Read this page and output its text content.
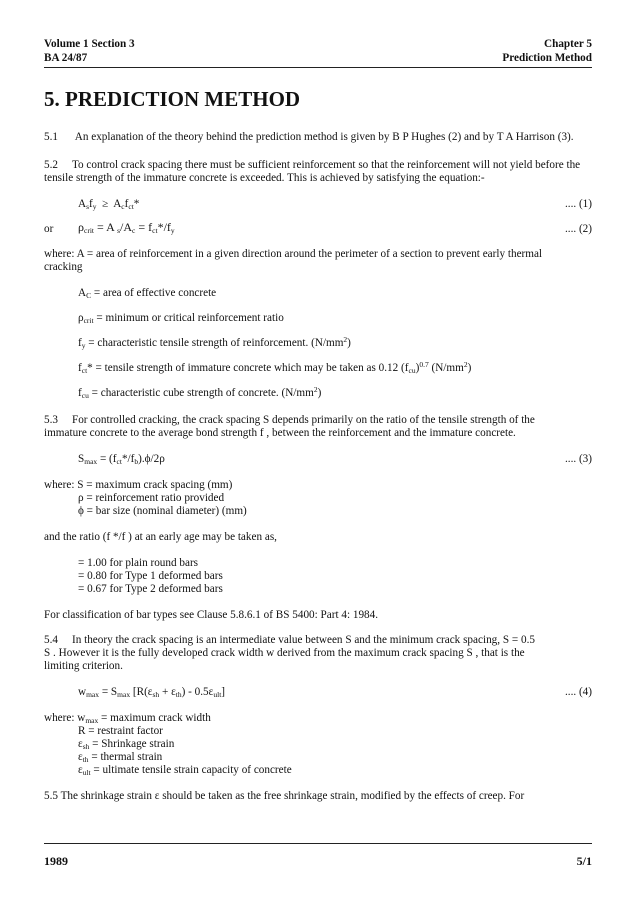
Volume 1 Section 3
BA 24/87
Chapter 5
Prediction Method
5. PREDICTION METHOD
5.1 An explanation of the theory behind the prediction method is given by B P Hughes (2) and by T A Harrison (3).
5.2 To control crack spacing there must be sufficient reinforcement so that the reinforcement will not yield before the
tensile strength of the immature concrete is exceeded. This is achieved by satisfying the equation:-
$A_sf_y \ge A_cf_{ct}*$	.... (1)
or $\rho_{crit} = A$ $_s/A_c = f_{ct}*/f_y$	.... (2)
where: A = area of reinforcement in a given direction around the perimeter of a section to prevent early thermal
cracking
$A_C$ = area of effective concrete
$\rho_{crit}$ = minimum or critical reinforcement ratio
$f_y$ = characteristic tensile strength of reinforcement. $(N/mm^2)$
$f_{ct}*$ = tensile strength of immature concrete which may be taken as 0.12 $(f_{cu})^{0.7}$ $(N/mm^2)$
$f_{cu}$ = characteristic cube strength of concrete. $(N/mm^2)$
5.3 For controlled cracking, the crack spacing S depends primarily on the ratio of the tensile strength of the
immature concrete to the average bond strength f , between the reinforcement and the immature concrete.
$S_{max} = (f_{ct}*/f_b).\phi/2\rho$	.... (3)
where: S = maximum crack spacing (mm)
ρ = reinforcement ratio provided
ϕ = bar size (nominal diameter) (mm)
and the ratio (f */f ) at an early age may be taken as,
= 1.00 for plain round bars
= 0.80 for Type 1 deformed bars
= 0.67 for Type 2 deformed bars
For classification of bar types see Clause 5.8.6.1 of BS 5400: Part 4: 1984.
5.4 In theory the crack spacing is an intermediate value between S and the minimum crack spacing, S = 0.5
S . However it is the fully developed crack width w derived from the maximum crack spacing S , that is the
limiting criterion.
$w_{max} = S_{max}$ $[R(\varepsilon_{sh} + \varepsilon_{th}) - 0.5\varepsilon_{ult}]$	.... (4)
where: $w_{max}$ = maximum crack width
R = restraint factor
$\varepsilon_{sh}$ = Shrinkage strain
$\varepsilon_{th}$ = thermal strain
$\varepsilon_{ult}$ = ultimate tensile strain capacity of concrete
5.5 The shrinkage strain ε should be taken as the free shrinkage strain, modified by the effects of creep. For
1989	5/1
